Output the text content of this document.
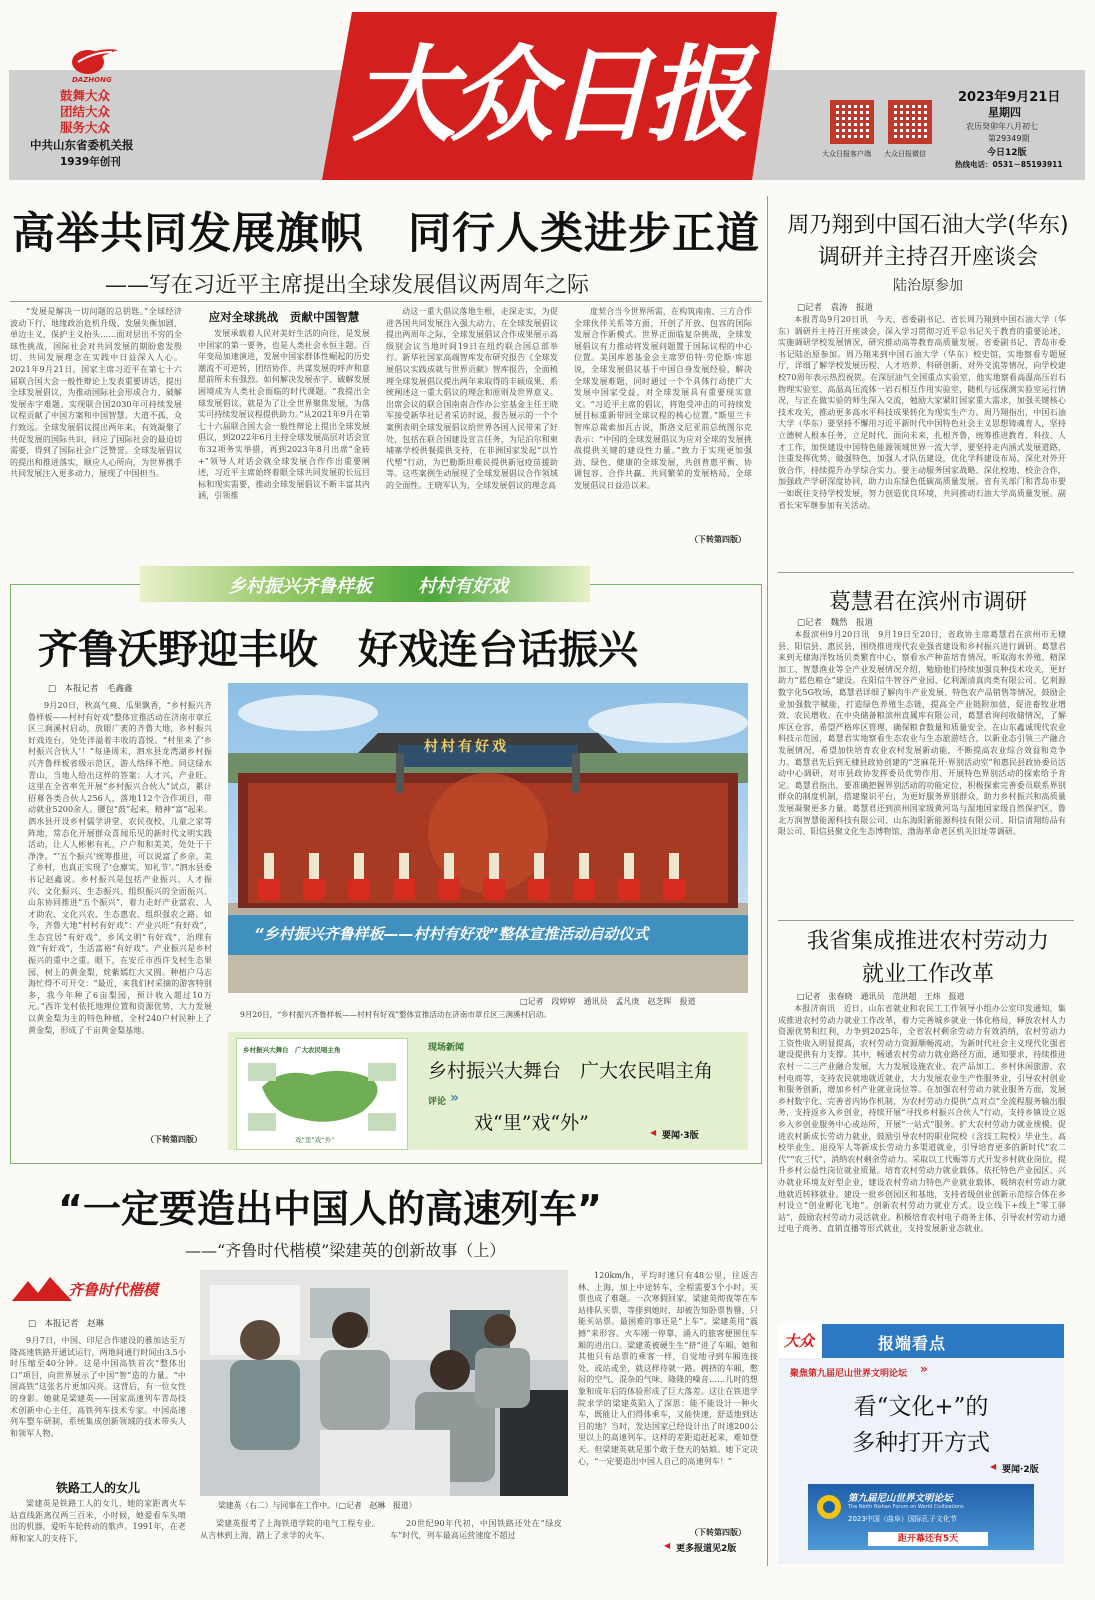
DAZHONG
鼓舞大众
团结大众
服务大众
中共山东省委机关报
1939年创刊
大众日报	大众日报客户端 大众日报微信
2023年9月21日
星期四
农历癸卯年八月初七
第29349期
今日12版
热线电话：0531－85193911
高举共同发展旗帜　同行人类进步正道
——写在习近平主席提出全球发展倡议两周年之际

“发展是解决一切问题的总钥匙。”全球经济波动下行、地缘政治危机升级、发展失衡加剧、单边主义、保护主义抬头……面对层出不穷的全球性挑战，国际社会对共同发展的期盼愈发殷切、共同发展理念在实践中日益深入人心。2021年9月21日，国家主席习近平在第七十六届联合国大会一般性辩论上发表重要讲话，提出全球发展倡议，为推动国际社会形成合力、破解发展赤字难题、实现联合国2030年可持续发展议程贡献了中国方案和中国智慧。大道不孤，众行致远。全球发展倡议提出两年来，有效凝聚了共促发展的国际共识，回应了国际社会的最迫切需要，得到了国际社会广泛赞誉。全球发展倡议的提出和推进落实，顺应人心所向，为世界携手共同发展注入更多动力，展现了中国担当。

应对全球挑战　贡献中国智慧

发展承载着人民对美好生活的向往，是发展中国家的第一要务，也是人类社会永恒主题。百年变局加速演进，发展中国家群体性崛起的历史潮流不可逆转，团结协作、共谋发展的呼声和意愿前所未有强烈。如何解决发展赤字、破解发展困境成为人类社会面临的时代课题。“我提出全球发展倡议，就是为了让全世界聚焦发展，为落实可持续发展议程提供助力。”从2021年9月在第七十六届联合国大会一般性辩论上提出全球发展倡议，到2022年6月主持全球发展高层对话会宣布32项务实举措，再到2023年8月出席“金砖+”领导人对话会就全球发展合作作出重要阐述，习近平主席始终着眼全球共同发展的长远目标和现实需要，推动全球发展倡议不断丰富其内涵，引领推

动这一重大倡议落地生根，走深走实，为促进各国共同发展注入强大动力。在全球发展倡议提出两周年之际，全球发展倡议合作成果展示高级别会议当地时间19日在纽约联合国总部举行。新华社国家高端智库发布研究报告《全球发展倡议实践成就与世界贡献》智库报告，全面梳理全球发展倡议提出两年来取得的丰硕成果、系统阐述这一重大倡议的理念和原则及世界意义。出席会议的联合国南南合作办公室基金主任王晓军接受新华社记者采访时说，报告展示的一个个案例表明全球发展倡议给世界各国人民带来了好处，包括在联合国建设宣言任务，为尼泊尔和柬埔寨学校供餐提供支持，在非洲国家发起“以竹代塑”行动，为巴勒斯坦难民提供新冠疫苗援助等。这些案例生动展现了全球发展倡议合作领域的全面性。王晓军认为，全球发展倡议的理念高

度契合当今世界所需，在构筑南南、三方合作全球伙伴关系等方面，开创了开放、包容的国际发展合作新模式。世界正面临复杂挑战，全球发展倡议有力推动将发展问题置于国际议程的中心位置。美国库恩基金会主席罗伯特·劳伦斯·库恩说，全球发展倡议基于中国自身发展经验，解决全球发展难题，同时通过一个个具体行动使广大发展中国家受益，对全球发展具有重要现实意义。“习近平主席的倡议，将饱受冲击的可持续发展目标重新带回全球议程的核心位置。”斯里兰卡智库总裁索加瓦古说，斯洛文尼亚前总统图尔克表示：“中国的全球发展倡议为应对全球的发展挑战提供关键的建设性力量。”致力于实现更加强劲、绿色、健康的全球发展，共创普惠平衡、协调包容、合作共赢、共同繁荣的发展格局，全球发展倡议日益沿以来。

（下转第四版）
周乃翔到中国石油大学(华东)
调研并主持召开座谈会
陆治原参加
□记者　袁涛　报道

本报青岛9月20日讯　今天，省委副书记、省长周乃翔到中国石油大学（华东）调研并主持召开座谈会，深入学习贯彻习近平总书记关于教育的重要论述，实施调研学校发展情况，研究推动高等教育高质量发展。省委副书记、青岛市委书记陆治原参加。周乃翔来到中国石油大学（华东）校史馆，实地察看专题展厅，详细了解学校发展历程、人才培养、科研创新、对外交流等情况，向学校建校70周年表示热烈祝贺。在深层油气全国重点实验室，他实地察看高温高压岩石物理实验室、高温高压流体一岩石相互作用实验室，随机与远探测实验室运行情况，与正在做实验的师生深入交流，勉励大家紧盯国家重大需求，加强关键核心技术攻关，推动更多高水平科技成果转化为现实生产力。周乃翔指出，中国石油大学（华东）要坚持不懈用习近平新时代中国特色社会主义思想铸魂育人，坚持立德树人根本任务，立足时代、面向未来，扎根齐鲁，统筹推进教育、科技、人才工作，加快建设中国特色能源领域世界一流大学，要坚持走内涵式发展道路，注重发挥优势、做强特色，加强人才队伍建设，优化学科建设布局，深化对外开放合作，持续提升办学综合实力。要主动服务国家战略、深化校地、校企合作，加强政产学研深度协同，助力山东绿色低碳高质量发展。省有关部门和青岛市要一如既往支持学校发展，努力创造优良环境，共同推动石油大学高质量发展。副省长宋军继参加有关活动。

乡村振兴齐鲁样板	村村有好戏
齐鲁沃野迎丰收　好戏连台话振兴
□　本报记者　毛鑫鑫

9月20日，秋高气爽、瓜果飘香，“乡村振兴齐鲁样板——村村有好戏”整体宣推活动在济南市章丘区三涧溪村启动，放眼广袤的齐鲁大地，乡村振兴好戏连台，处处洋溢着丰收的喜悦。“村里来了‘乡村振兴合伙人’！”每逢周末，泗水县龙湾湖乡村振兴齐鲁样板省级示范区，游人络绎不绝。同这绿水青山，当地人给出这样的答案：人才兴，产业旺。这里在全省率先开展“乡村振兴合伙人”试点，累计招募各类合伙人256人，落地112个合作项目，带动就业5200余人。腰包“鼓”起来，精神“富”起来。泗水县开设乡村儒学讲堂，农民夜校、儿童之家等阵地，常态化开展群众喜闻乐见的新时代文明实践活动，让人人彬彬有礼，户户和和美美，处处干干净净。“‘五个振兴’统筹推进，可以说富了乡亲，美了乡村，也真正实现了‘仓廪实、知礼节’。”泗水县委书记赵鑫说。乡村振兴是包括产业振兴、人才振兴、文化振兴、生态振兴、组织振兴的全面振兴。山东协同推进“五个振兴”，着力走好产业富农、人才助农、文化兴农、生态惠农、组织强农之路。如今，齐鲁大地“村村有好戏”：产业兴旺“有好戏”，生态宜居“有好戏”，乡风文明“有好戏”，治理有效“有好戏”，生活富裕“有好戏”。产业振兴是乡村振兴的重中之重。眼下，在安丘市西许戈村生态果园，树上的黄金梨，姹紫嫣红大又圆。种植户马志海忙得不可开交：“最近，来我们村采摘的游客特别多，我今年种了6亩梨园，预计收入超过10万元。”西许戈村依托地理位置和资源优势，大力发展以黄金梨为主的特色种植，全村240户村民种上了黄金梨，形成了千亩黄金梨基地。

（下转第四版）
村村有好戏
“乡村振兴齐鲁样板——村村有好戏”整体宣推活动启动仪式
□记者　段婷婷　通讯员　孟凡庚　赵芝晖　报道
9月20日，“乡村振兴齐鲁样板——村村有好戏”整体宣推活动在济南市章丘区三涧溪村启动。
乡村振兴大舞台　广大农民唱主角
戏“里”戏“外”
现场新闻
乡村振兴大舞台　广大农民唱主角
评论 »
戏“里”戏“外”	◀ 要闻·3版
葛慧君在滨州市调研
□记者　魏然　报道

本报滨州9月20日讯　9月19日至20日，省政协主席葛慧君在滨州市无棣县、阳信县、惠民县，围绕推进现代农业强省建设和乡村振兴进行调研。葛慧君来到无棣海洋牧场贝类繁育中心，察看水产种苗培育情况，听取海水养殖、精深加工、智慧渔业等全产业发展情况介绍，勉励他们持续加强良种技术攻关，更好助力“蓝色粮仓”建设。在阳信牛智谷产业园、亿利源清真肉类有限公司、亿利源数字化5G牧场，葛慧君详细了解肉牛产业发展、特色农产品销售等情况，鼓励企业加强数字赋能，打造绿色养殖生态链，提高全产业链附加值，促进畜牧业增效、农民增收。在中央储备粮滨州直属库有限公司，葛慧君询问收储情况，了解库区仓容、希望严格库区管理，确保粮食数量和质量安全。在山东鑫诚现代农业科技示范园，葛慧君实地察看生态农业与生态旅游结合，以新业态引领三产融合发展情况，希望加快培育农业农村发展新动能，不断提高农业综合效益和竞争力。葛慧君先后到无棣县政协创建的“芝麻花开·界别活动室”和惠民县政协委员活动中心调研，对市县政协发挥委员优势作用、开展特色界别活动的探索给予肯定。葛慧君指出，要准确把握界别活动的功能定位，积极探索完善委员联系界别群众的制度机制，搭建聚识平台，为更好服务界别群众、助力乡村振兴和高质量发展凝聚更多力量。葛慧君还到滨州国家级黄河岛与湿地国家级自然保护区、鲁北万润智慧能源科技有限公司、山东海阳新能源科技有限公司、阳信清翔纺品有限公司、阳信县聚文化生态博物馆、渤海革命老区机关旧址等调研。

我省集成推进农村劳动力
就业工作改革
□记者　张春晓　通讯员　范洪超　王炜　报道

本报济南讯　近日，山东省就业和农民工工作领导小组办公室印发通知，集成推进农村劳动力就业工作改革，着力完善城乡就业一体化格局，释放农村人力资源优势和红利，力争到2025年，全省农村剩余劳动力有效消纳，农村劳动力工资性收入明显提高，农村劳动力资源顺畅流动，为新时代社会主义现代化强省建设提供有力支撑。其中，畅通农村劳动力就业路径方面，通知要求，持续推进农村一二三产业融合发展，大力发展设施农业、农产品加工、乡村休闲旅游、农村电商等，支持农民就地就近就业，大力发展农业生产性服务业，引导农村创业和服务创新，增加乡村产业就业岗位等。在加强农村劳动力就业服务方面，发展乡村数字化、完善省内协作机制，为农村劳动力提供“点对点”全流程服务输出服务，支持返乡入乡创业，持续开展“寻找乡村振兴合伙人”行动，支持乡镇设立返乡入乡创业服务中心或站所，开展“一站式”服务。扩大农村劳动力就业规模。促进农村新成长劳动力就业，鼓励引导农村的职业院校（含技工院校）毕业生、高校毕业生、退役军人等新成长劳动力多渠道就业，引导培育更多的新时代“农二代”“农三代”，消纳农村剩余劳动力。采取以工代赈等方式开发乡村就业岗位，提升乡村公益性岗位就业质量。培育农村劳动力就业载体。依托特色产业园区、兴办就业环境友好型企业，建设农村劳动力特色产业就业载体，吸纳农村劳动力就地就近转移就业。建设一批乡创园区和基地，支持省级创业创新示范综合体在乡村设立“创业孵化飞地”。创新农村劳动力就业方式。设立线下+线上“零工驿站”，鼓励农村劳动力灵活就业。积极培育农村电子商务主体，引导农村劳动力通过电子商务、直销直播等形式就业，支持发展新业态就业。

“一定要造出中国人的高速列车”
——“齐鲁时代楷模”梁建英的创新故事（上）
齐鲁时代楷模
□　本报记者　赵琳

9月7日，中国、印尼合作建设的雅加达至万隆高速铁路开通试运行，两地间通行时间由3.5小时压缩至40分钟。这是中国高铁首次“整体出口”项目，向世界展示了中国“智”造的力量。“中国高铁”这张名片更加闪亮。这背后，有一位女性的身影。她就是梁建英——国家高速列车青岛技术创新中心主任，高铁列车技术专家。中国高速列车整车研制，系统集成创新领域的技术带头人和领军人物。

铁路工人的女儿

梁建英是铁路工人的女儿，她的家距离火车站直线距离仅两三百米，小时候，她爱看车头喷出的机器，爱听车轮转动的歌声。1991年，在老师和家人的支持下，

梁建英（右二）与同事在工作中。（□记者　赵琳　报道）

梁建英报考了上海铁道学院的电气工程专业。从吉林到上海，踏上了求学的火车。

120km/h，平均时速只有48公里，往返吉林、上海，加上中途转车，全程需要3个小时。买票也成了难题。一次寒假回家，梁建英彻夜等在车站排队买票，等排到她时，却被告知卧票售罄，只能买站票。最困难的事还是“上车”。梁建英用“震撼”来形容。火车刚一停靠，涌入的旅客便围住车厢的进出口。梁建英被硬生生“挤”进了车厢。她和其他只有站票的乘客一样，自觉地寻到车厢连接处、或站或坐，就这样待就一路。拥挤的车厢，憋闷的空气、混杂的气味、隆隆的噪音……儿时的想象和成年后的体验形成了巨大落差。这让在铁道学院求学的梁建英陷入了深思：能不能设计一种火车，既能让人们得体乘车，又能快速，舒适地到达目的地？当时，发达国家已经设计出了时速200公里以上的高速列车。这样的差距追赶起来，难如登天。但梁建英就是那个敢于登天的姑娘。她下定决心，“一定要造出中国人自己的高速列车！”

20世纪90年代初，中国铁路还处在“绿皮车”时代，列车最高运营速度不超过	（下转第四版）
◀ 更多报道见2版
大众	报端看点
聚焦第九届尼山世界文明论坛 »
看“文化+”的
多种打开方式
◀ 要闻·2版
第九届尼山世界文明论坛
The Ninth Nishan Forum on World Civilizations
2023中国（曲阜）国际孔子文化节
距开幕还有5天
